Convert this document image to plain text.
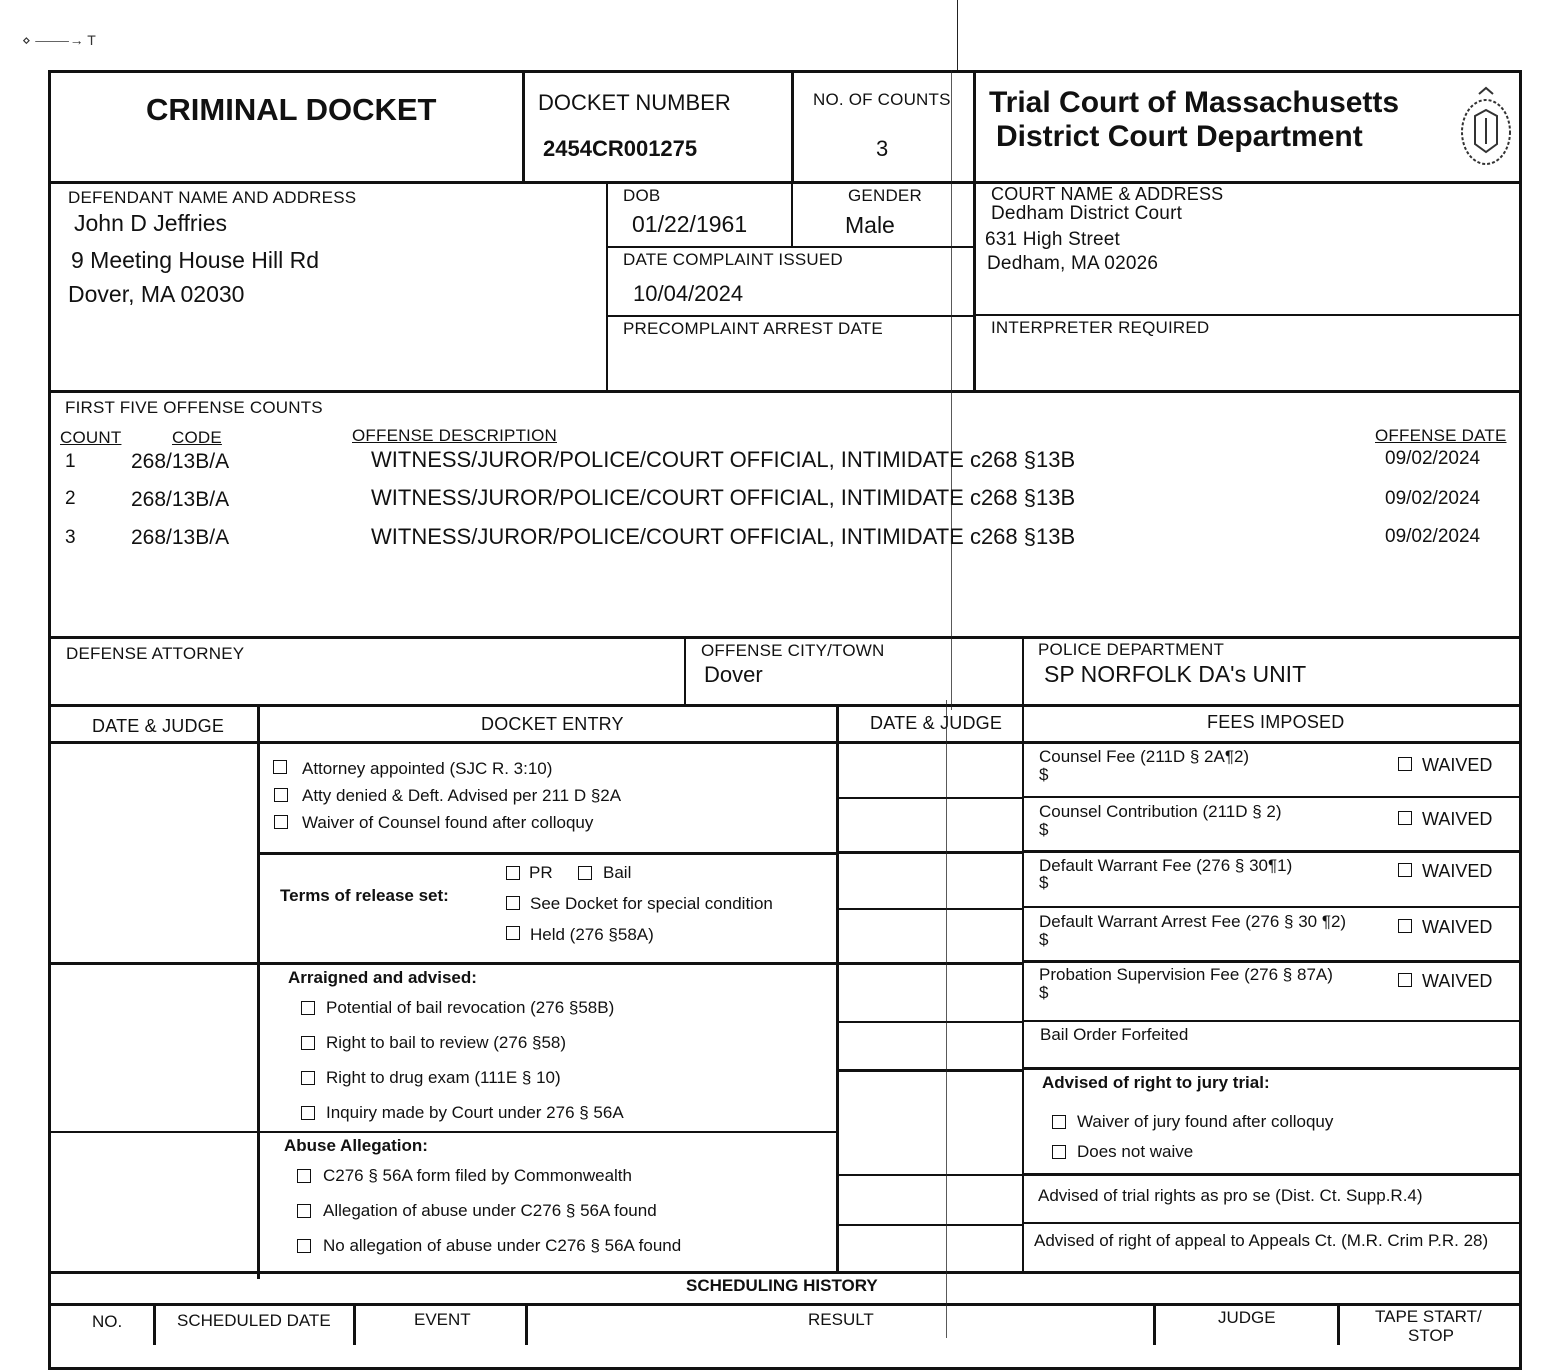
⋄ ⸻→ Τ
CRIMINAL DOCKET	DOCKET NUMBER
2454CR001275
NO. OF COUNTS
3
Trial Court of Massachusetts
District Court Department
DEFENDANT NAME AND ADDRESS
John D Jeffries
9 Meeting House Hill Rd
Dover, MA 02030
DOB
01/22/1961
GENDER
Male
DATE COMPLAINT ISSUED
10/04/2024
PRECOMPLAINT ARREST DATE
COURT NAME & ADDRESS
Dedham District Court
631 High Street
Dedham, MA 02026
INTERPRETER REQUIRED
FIRST FIVE OFFENSE COUNTS
COUNT	CODE	OFFENSE DESCRIPTION	OFFENSE DATE
1	268/13B/A	WITNESS/JUROR/POLICE/COURT OFFICIAL, INTIMIDATE c268 §13B	09/02/2024
2	268/13B/A	WITNESS/JUROR/POLICE/COURT OFFICIAL, INTIMIDATE c268 §13B	09/02/2024
3	268/13B/A	WITNESS/JUROR/POLICE/COURT OFFICIAL, INTIMIDATE c268 §13B	09/02/2024
DEFENSE ATTORNEY	OFFENSE CITY/TOWN
Dover
POLICE DEPARTMENT
SP NORFOLK DA's UNIT
DATE & JUDGE	DOCKET ENTRY	DATE & JUDGE	FEES IMPOSED
Attorney appointed (SJC R. 3:10)
Atty denied & Deft. Advised per 211 D §2A
Waiver of Counsel found after colloquy
Terms of release set:
PR	Bail
See Docket for special condition
Held (276 §58A)
Arraigned and advised:
Potential of bail revocation (276 §58B)
Right to bail to review (276 §58)
Right to drug exam (111E § 10)
Inquiry made by Court under 276 § 56A
Abuse Allegation:
C276 § 56A form filed by Commonwealth
Allegation of abuse under C276 § 56A found
No allegation of abuse under C276 § 56A found
Counsel Fee (211D § 2A¶2)
$	WAIVED
Counsel Contribution (211D § 2)
$
WAIVED
Default Warrant Fee (276 § 30¶1)
$
WAIVED
Default Warrant Arrest Fee (276 § 30 ¶2)
$
WAIVED
Probation Supervision Fee (276 § 87A)
$
WAIVED
Bail Order Forfeited
Advised of right to jury trial:
Waiver of jury found after colloquy
Does not waive
Advised of trial rights as pro se (Dist. Ct. Supp.R.4)
Advised of right of appeal to Appeals Ct. (M.R. Crim P.R. 28)
SCHEDULING HISTORY
NO.	SCHEDULED DATE	EVENT	RESULT	JUDGE	TAPE START/
STOP
